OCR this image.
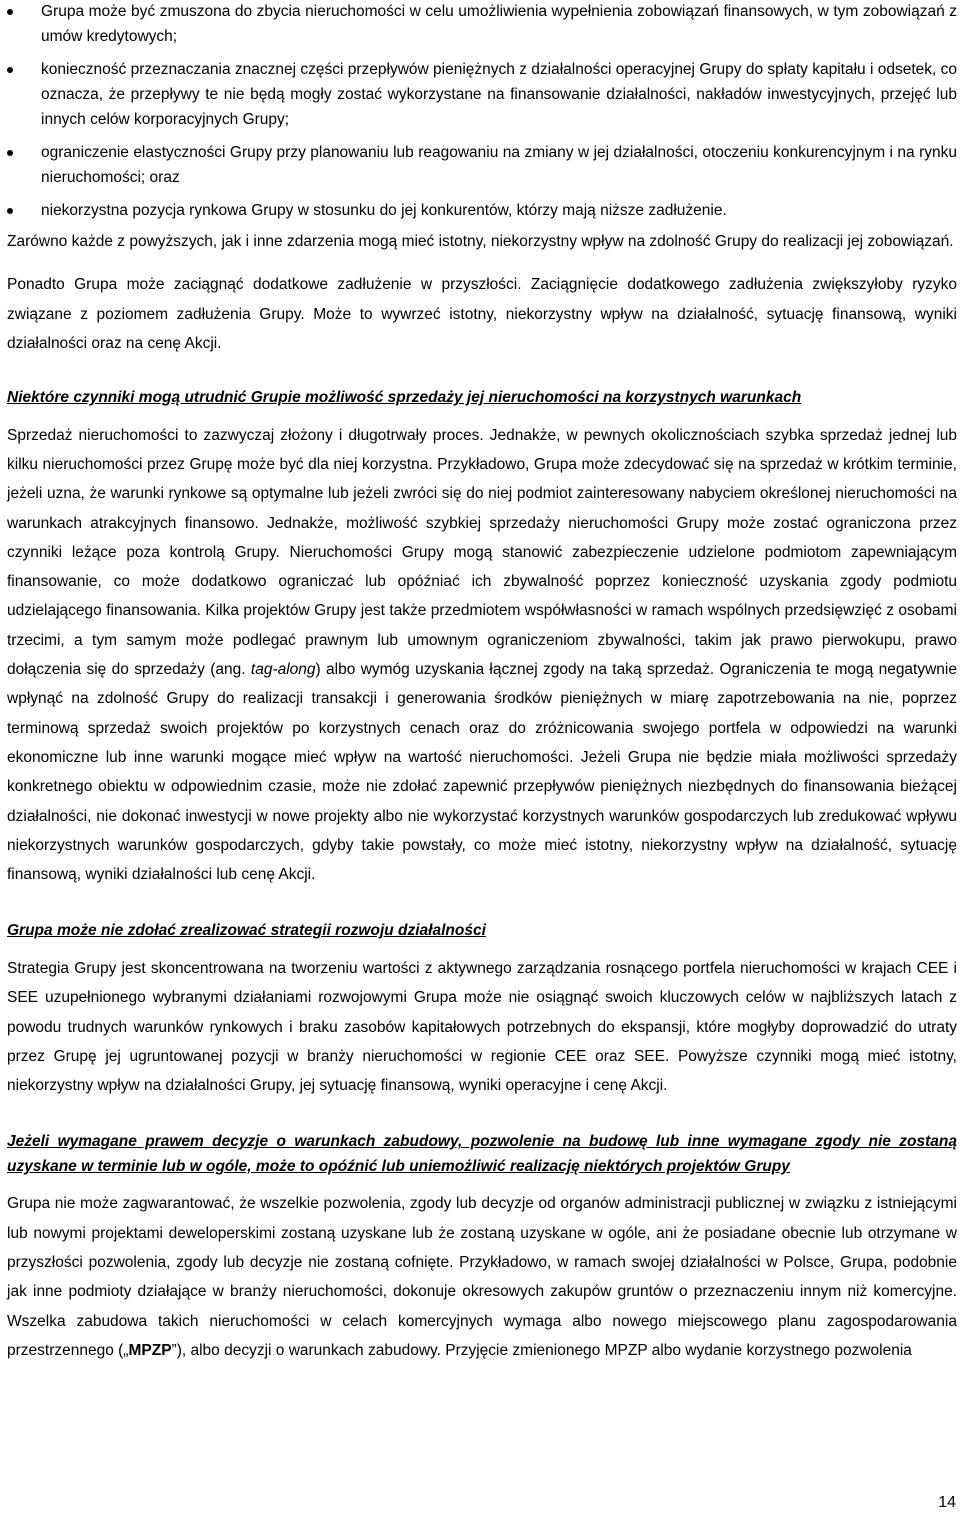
Grupa może być zmuszona do zbycia nieruchomości w celu umożliwienia wypełnienia zobowiązań finansowych, w tym zobowiązań z umów kredytowych;
konieczność przeznaczania znacznej części przepływów pieniężnych z działalności operacyjnej Grupy do spłaty kapitału i odsetek, co oznacza, że przepływy te nie będą mogły zostać wykorzystane na finansowanie działalności, nakładów inwestycyjnych, przejęć lub innych celów korporacyjnych Grupy;
ograniczenie elastyczności Grupy przy planowaniu lub reagowaniu na zmiany w jej działalności, otoczeniu konkurencyjnym i na rynku nieruchomości; oraz
niekorzystna pozycja rynkowa Grupy w stosunku do jej konkurentów, którzy mają niższe zadłużenie.

Zarówno każde z powyższych, jak i inne zdarzenia mogą mieć istotny, niekorzystny wpływ na zdolność Grupy do realizacji jej zobowiązań.

Ponadto Grupa może zaciągnąć dodatkowe zadłużenie w przyszłości. Zaciągnięcie dodatkowego zadłużenia zwiększyłoby ryzyko związane z poziomem zadłużenia Grupy. Może to wywrzeć istotny, niekorzystny wpływ na działalność, sytuację finansową, wyniki działalności oraz na cenę Akcji.

Niektóre czynniki mogą utrudnić Grupie możliwość sprzedaży jej nieruchomości na korzystnych warunkach

Sprzedaż nieruchomości to zazwyczaj złożony i długotrwały proces. Jednakże, w pewnych okolicznościach szybka sprzedaż jednej lub kilku nieruchomości przez Grupę może być dla niej korzystna. Przykładowo, Grupa może zdecydować się na sprzedaż w krótkim terminie, jeżeli uzna, że warunki rynkowe są optymalne lub jeżeli zwróci się do niej podmiot zainteresowany nabyciem określonej nieruchomości na warunkach atrakcyjnych finansowo. Jednakże, możliwość szybkiej sprzedaży nieruchomości Grupy może zostać ograniczona przez czynniki leżące poza kontrolą Grupy. Nieruchomości Grupy mogą stanowić zabezpieczenie udzielone podmiotom zapewniającym finansowanie, co może dodatkowo ograniczać lub opóźniać ich zbywalność poprzez konieczność uzyskania zgody podmiotu udzielającego finansowania. Kilka projektów Grupy jest także przedmiotem współwłasności w ramach wspólnych przedsięwzięć z osobami trzecimi, a tym samym może podlegać prawnym lub umownym ograniczeniom zbywalności, takim jak prawo pierwokupu, prawo dołączenia się do sprzedaży (ang. tag-along) albo wymóg uzyskania łącznej zgody na taką sprzedaż. Ograniczenia te mogą negatywnie wpłynąć na zdolność Grupy do realizacji transakcji i generowania środków pieniężnych w miarę zapotrzebowania na nie, poprzez terminową sprzedaż swoich projektów po korzystnych cenach oraz do zróżnicowania swojego portfela w odpowiedzi na warunki ekonomiczne lub inne warunki mogące mieć wpływ na wartość nieruchomości. Jeżeli Grupa nie będzie miała możliwości sprzedaży konkretnego obiektu w odpowiednim czasie, może nie zdołać zapewnić przepływów pieniężnych niezbędnych do finansowania bieżącej działalności, nie dokonać inwestycji w nowe projekty albo nie wykorzystać korzystnych warunków gospodarczych lub zredukować wpływu niekorzystnych warunków gospodarczych, gdyby takie powstały, co może mieć istotny, niekorzystny wpływ na działalność, sytuację finansową, wyniki działalności lub cenę Akcji.

Grupa może nie zdołać zrealizować strategii rozwoju działalności

Strategia Grupy jest skoncentrowana na tworzeniu wartości z aktywnego zarządzania rosnącego portfela nieruchomości w krajach CEE i SEE uzupełnionego wybranymi działaniami rozwojowymi Grupa może nie osiągnąć swoich kluczowych celów w najbliższych latach z powodu trudnych warunków rynkowych i braku zasobów kapitałowych potrzebnych do ekspansji, które mogłyby doprowadzić do utraty przez Grupę jej ugruntowanej pozycji w branży nieruchomości w regionie CEE oraz SEE. Powyższe czynniki mogą mieć istotny, niekorzystny wpływ na działalności Grupy, jej sytuację finansową, wyniki operacyjne i cenę Akcji.

Jeżeli wymagane prawem decyzje o warunkach zabudowy, pozwolenie na budowę lub inne wymagane zgody nie zostaną uzyskane w terminie lub w ogóle, może to opóźnić lub uniemożliwić realizację niektórych projektów Grupy

Grupa nie może zagwarantować, że wszelkie pozwolenia, zgody lub decyzje od organów administracji publicznej w związku z istniejącymi lub nowymi projektami deweloperskimi zostaną uzyskane lub że zostaną uzyskane w ogóle, ani że posiadane obecnie lub otrzymane w przyszłości pozwolenia, zgody lub decyzje nie zostaną cofnięte. Przykładowo, w ramach swojej działalności w Polsce, Grupa, podobnie jak inne podmioty działające w branży nieruchomości, dokonuje okresowych zakupów gruntów o przeznaczeniu innym niż komercyjne. Wszelka zabudowa takich nieruchomości w celach komercyjnych wymaga albo nowego miejscowego planu zagospodarowania przestrzennego („MPZP”), albo decyzji o warunkach zabudowy. Przyjęcie zmienionego MPZP albo wydanie korzystnego pozwolenia

14
